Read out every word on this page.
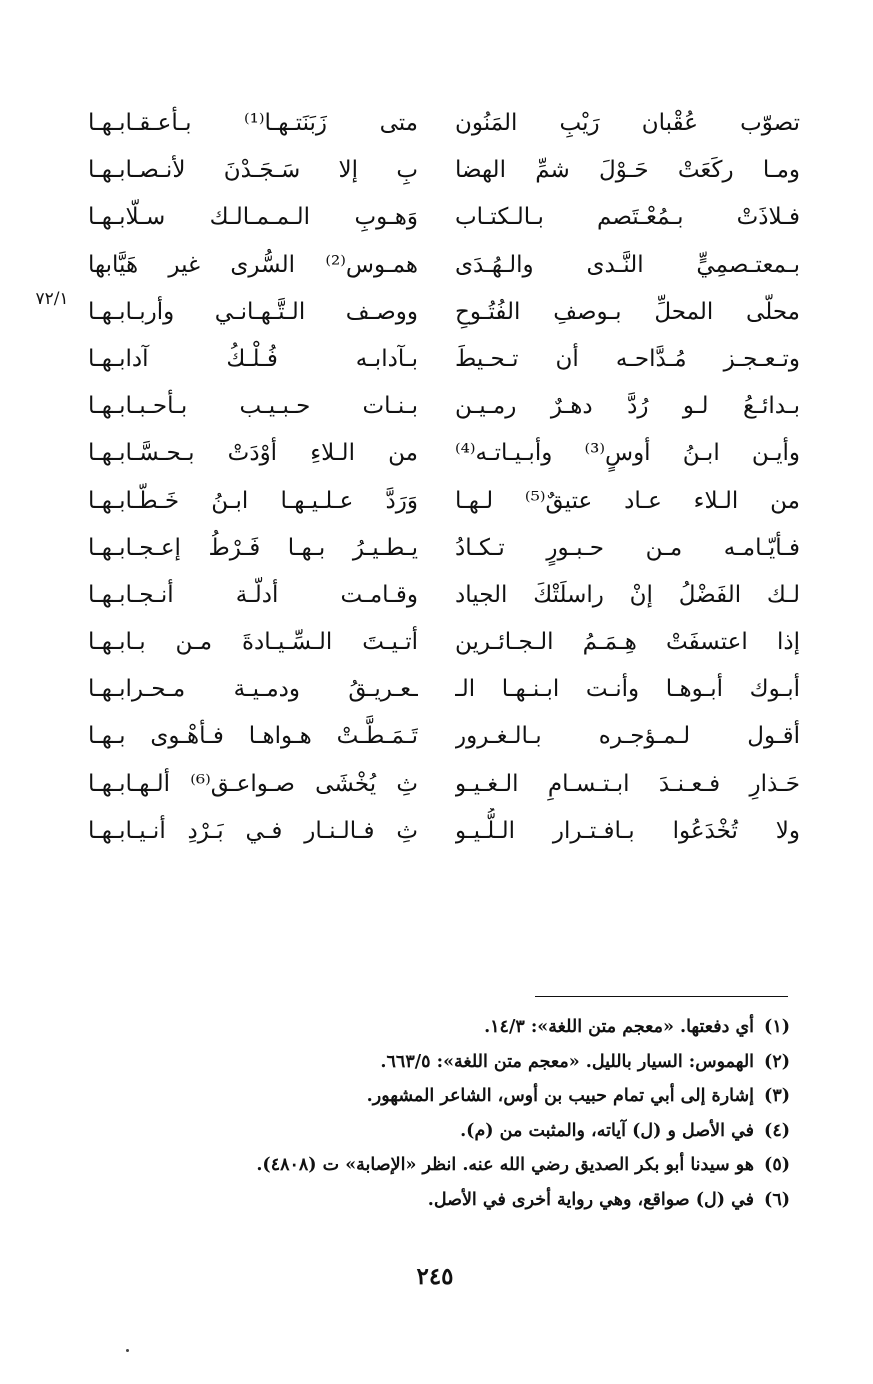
تصوّب عُقْبان رَيْبِ المَنُون
ومـا ركَعَتْ حَـوْلَ شمِّ الهضا
فـلاذَتْ بـمُعْـتَصم بـالـكتـاب
بـمعتـصمِيٍّ النَّـدى والـهُـدَى
محلّى المحلِّ بـوصفِ الفُتُـوحِ
وتـعـجـز مُـدَّاحـه أن تـحـيطَ
بـدائـعُ لـو رُدَّ دهـرٌ رمـيـن
وأيـن ابـنُ أوسٍ⁽³⁾ وأبـيـاتـه⁽⁴⁾
من الـلاء عـاد عتيقٌ⁽⁵⁾ لـهـا
فـأيّـامـه مـن حـبـورٍ تـكـادُ
لـك الفَضْلُ إنْ راسلَتْكَ الجياد
إذا اعتسفَتْ هِـمَـمُ الـجـائـرين
أبـوك أبـوهـا وأنـت ابـنـهـا الـ
أقـول لـمـؤجـره بـالـغـرور
حَـذارِ فـعـنـدَ ابـتـسـامِ الـغـيـو
ولا تُخْدَعُوا بـافـتـرار الـلُّـيـو
متى زَبَنَتـهـا⁽¹⁾ بـأعـقـابـهـا
بِ إلا سَـجَـدْنَ لأنـصـابـهـا
وَهـوبِ الـمـمـالـك سـلّابـهـا
همـوس⁽²⁾ السُّرى غير هَيَّابها
ووصـف الـتَّـهـانـي وأربـابـهـا
بـآدابـه فُـلْـكُ آدابـهـا
بـنـات حـبـيـب بـأحـبـابـهـا
من الـلاءِ أوْدَتْ بـحـسَّـابـهـا
وَرَدَّ عـلـيـهـا ابـنُ خَـطّـابـهـا
يـطـيـرُ بـهـا فَـرْطُ إعـجـابـهـا
وقـامـت أدلّـة أنـجـابـهـا
أتـيـتَ الـسِّـيـادةَ مـن بـابـهـا
ـعـريـقُ ودمـيـة مـحـرابـهـا
تَـمَـطَّـتْ هـواهـا فـأهْـوى بـهـا
ثِ يُخْشَى صـواعـق⁽⁶⁾ ألـهـابـهـا
ثِ فـالـنـار فـي بَـرْدِ أنـيـابـهـا
٧٢/١
(١)أي دفعتها. «معجم متن اللغة»: ١٤/٣.
(٢)الهموس: السيار بالليل. «معجم متن اللغة»: ٦٦٣/٥.
(٣)إشارة إلى أبي تمام حبيب بن أوس، الشاعر المشهور.
(٤)في الأصل و (ل) آياته، والمثبت من (م).
(٥)هو سيدنا أبو بكر الصديق رضي الله عنه. انظر «الإصابة» ت (٤٨٠٨).
(٦)في (ل) صواقع، وهي رواية أخرى في الأصل.
٢٤٥
